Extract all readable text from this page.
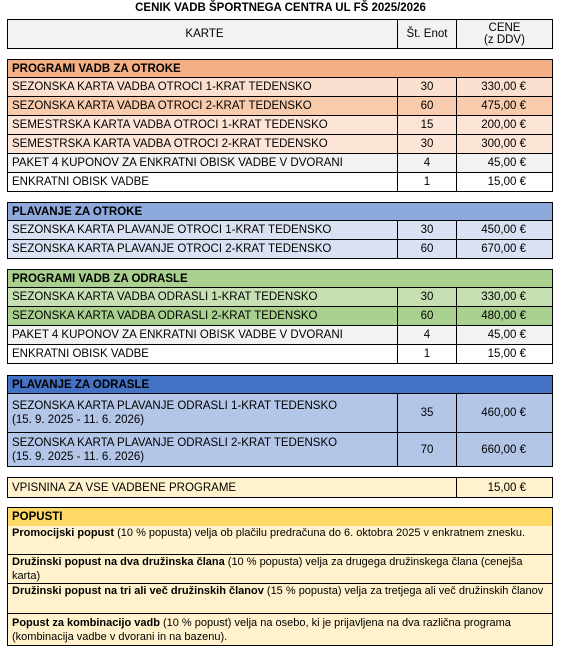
CENIK VADB ŠPORTNEGA CENTRA UL FŠ 2025/2026
KARTE	Št. Enot	CENE
(z DDV)
PROGRAMI VADB ZA OTROKE
SEZONSKA KARTA VADBA OTROCI 1-KRAT TEDENSKO	30	330,00 €
SEZONSKA KARTA VADBA OTROCI 2-KRAT TEDENSKO	60	475,00 €
SEMESTRSKA KARTA VADBA OTROCI 1-KRAT TEDENSKO	15	200,00 €
SEMESTRSKA KARTA VADBA OTROCI 2-KRAT TEDENSKO	30	300,00 €
PAKET 4 KUPONOV ZA ENKRATNI OBISK VADBE V DVORANI	4	45,00 €
ENKRATNI OBISK VADBE	1	15,00 €
PLAVANJE ZA OTROKE
SEZONSKA KARTA PLAVANJE OTROCI 1-KRAT TEDENSKO	30	450,00 €
SEZONSKA KARTA PLAVANJE OTROCI 2-KRAT TEDENSKO	60	670,00 €
PROGRAMI VADB ZA ODRASLE
SEZONSKA KARTA VADBA ODRASLI 1-KRAT TEDENSKO	30	330,00 €
SEZONSKA KARTA VADBA ODRASLI 2-KRAT TEDENSKO	60	480,00 €
PAKET 4 KUPONOV ZA ENKRATNI OBISK VADBE V DVORANI	4	45,00 €
ENKRATNI OBISK VADBE	1	15,00 €
PLAVANJE ZA ODRASLE
SEZONSKA KARTA PLAVANJE ODRASLI 1-KRAT TEDENSKO
(15. 9. 2025 - 11. 6. 2026)
35	460,00 €
SEZONSKA KARTA PLAVANJE ODRASLI 2-KRAT TEDENSKO
(15. 9. 2025 - 11. 6. 2026)
70	660,00 €
VPISNINA ZA VSE VADBENE PROGRAME	15,00 €
POPUSTI
Promocijski popust (10 % popusta) velja ob plačilu predračuna do 6. oktobra 2025 v enkratnem znesku.
Družinski popust na dva družinska člana (10 % popusta) velja za drugega družinskega člana (cenejša karta)
Družinski popust na tri ali več družinskih članov (15 % popusta) velja za tretjega ali več družinskih članov
Popust za kombinacijo vadb (10 % popust) velja na osebo, ki je prijavljena na dva različna programa (kombinacija vadbe v dvorani in na bazenu).
